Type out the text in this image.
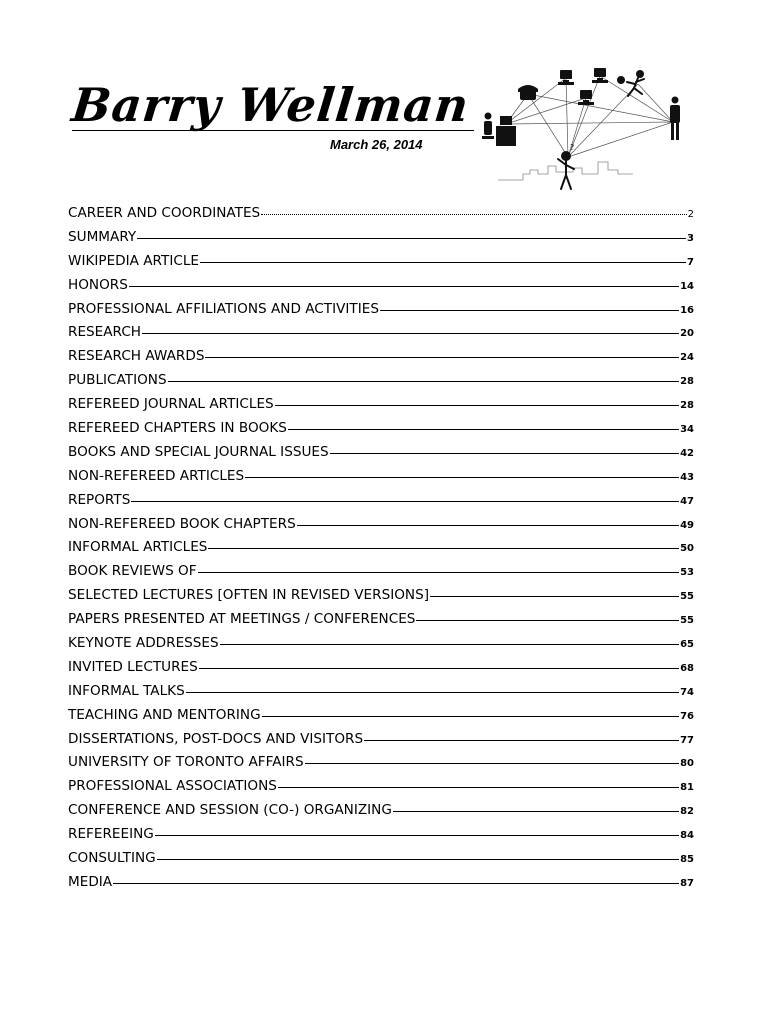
Barry Wellman
March 26, 2014	?
CAREER AND COORDINATES	2
SUMMARY	3
WIKIPEDIA ARTICLE	7
HONORS	14
PROFESSIONAL AFFILIATIONS AND ACTIVITIES	16
RESEARCH	20
RESEARCH AWARDS	24
PUBLICATIONS	28
REFEREED JOURNAL ARTICLES	28
REFEREED CHAPTERS IN BOOKS	34
BOOKS AND SPECIAL JOURNAL ISSUES	42
NON-REFEREED ARTICLES	43
REPORTS	47
NON-REFEREED BOOK CHAPTERS	49
INFORMAL ARTICLES	50
BOOK REVIEWS OF	53
SELECTED LECTURES [OFTEN IN REVISED VERSIONS]	55
PAPERS PRESENTED AT MEETINGS / CONFERENCES	55
KEYNOTE ADDRESSES	65
INVITED LECTURES	68
INFORMAL TALKS	74
TEACHING AND MENTORING	76
DISSERTATIONS, POST-DOCS AND VISITORS	77
UNIVERSITY OF TORONTO AFFAIRS	80
PROFESSIONAL ASSOCIATIONS	81
CONFERENCE AND SESSION (CO-) ORGANIZING	82
REFEREEING	84
CONSULTING	85
MEDIA	87
